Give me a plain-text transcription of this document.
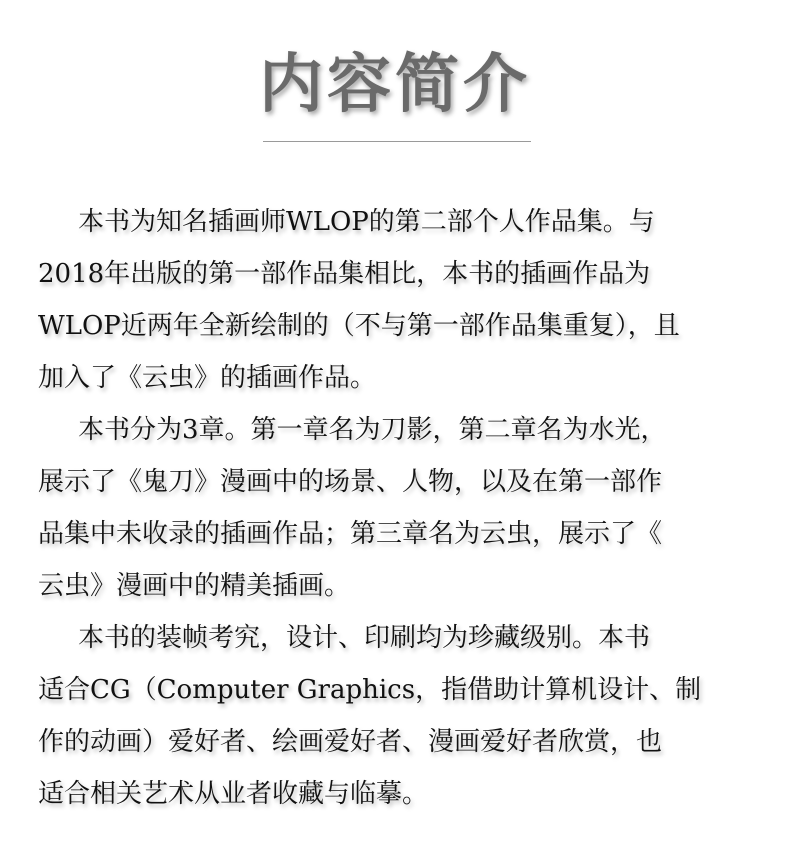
内容简介
本书为知名插画师WLOP的第二部个人作品集。与
2018年出版的第一部作品集相比，本书的插画作品为
WLOP近两年全新绘制的（不与第一部作品集重复），且
加入了《云虫》的插画作品。
本书分为3章。第一章名为刀影，第二章名为水光，
展示了《鬼刀》漫画中的场景、人物，以及在第一部作
品集中未收录的插画作品；第三章名为云虫，展示了《
云虫》漫画中的精美插画。
本书的装帧考究，设计、印刷均为珍藏级别。本书
适合CG（Computer Graphics，指借助计算机设计、制
作的动画）爱好者、绘画爱好者、漫画爱好者欣赏，也
适合相关艺术从业者收藏与临摹。
